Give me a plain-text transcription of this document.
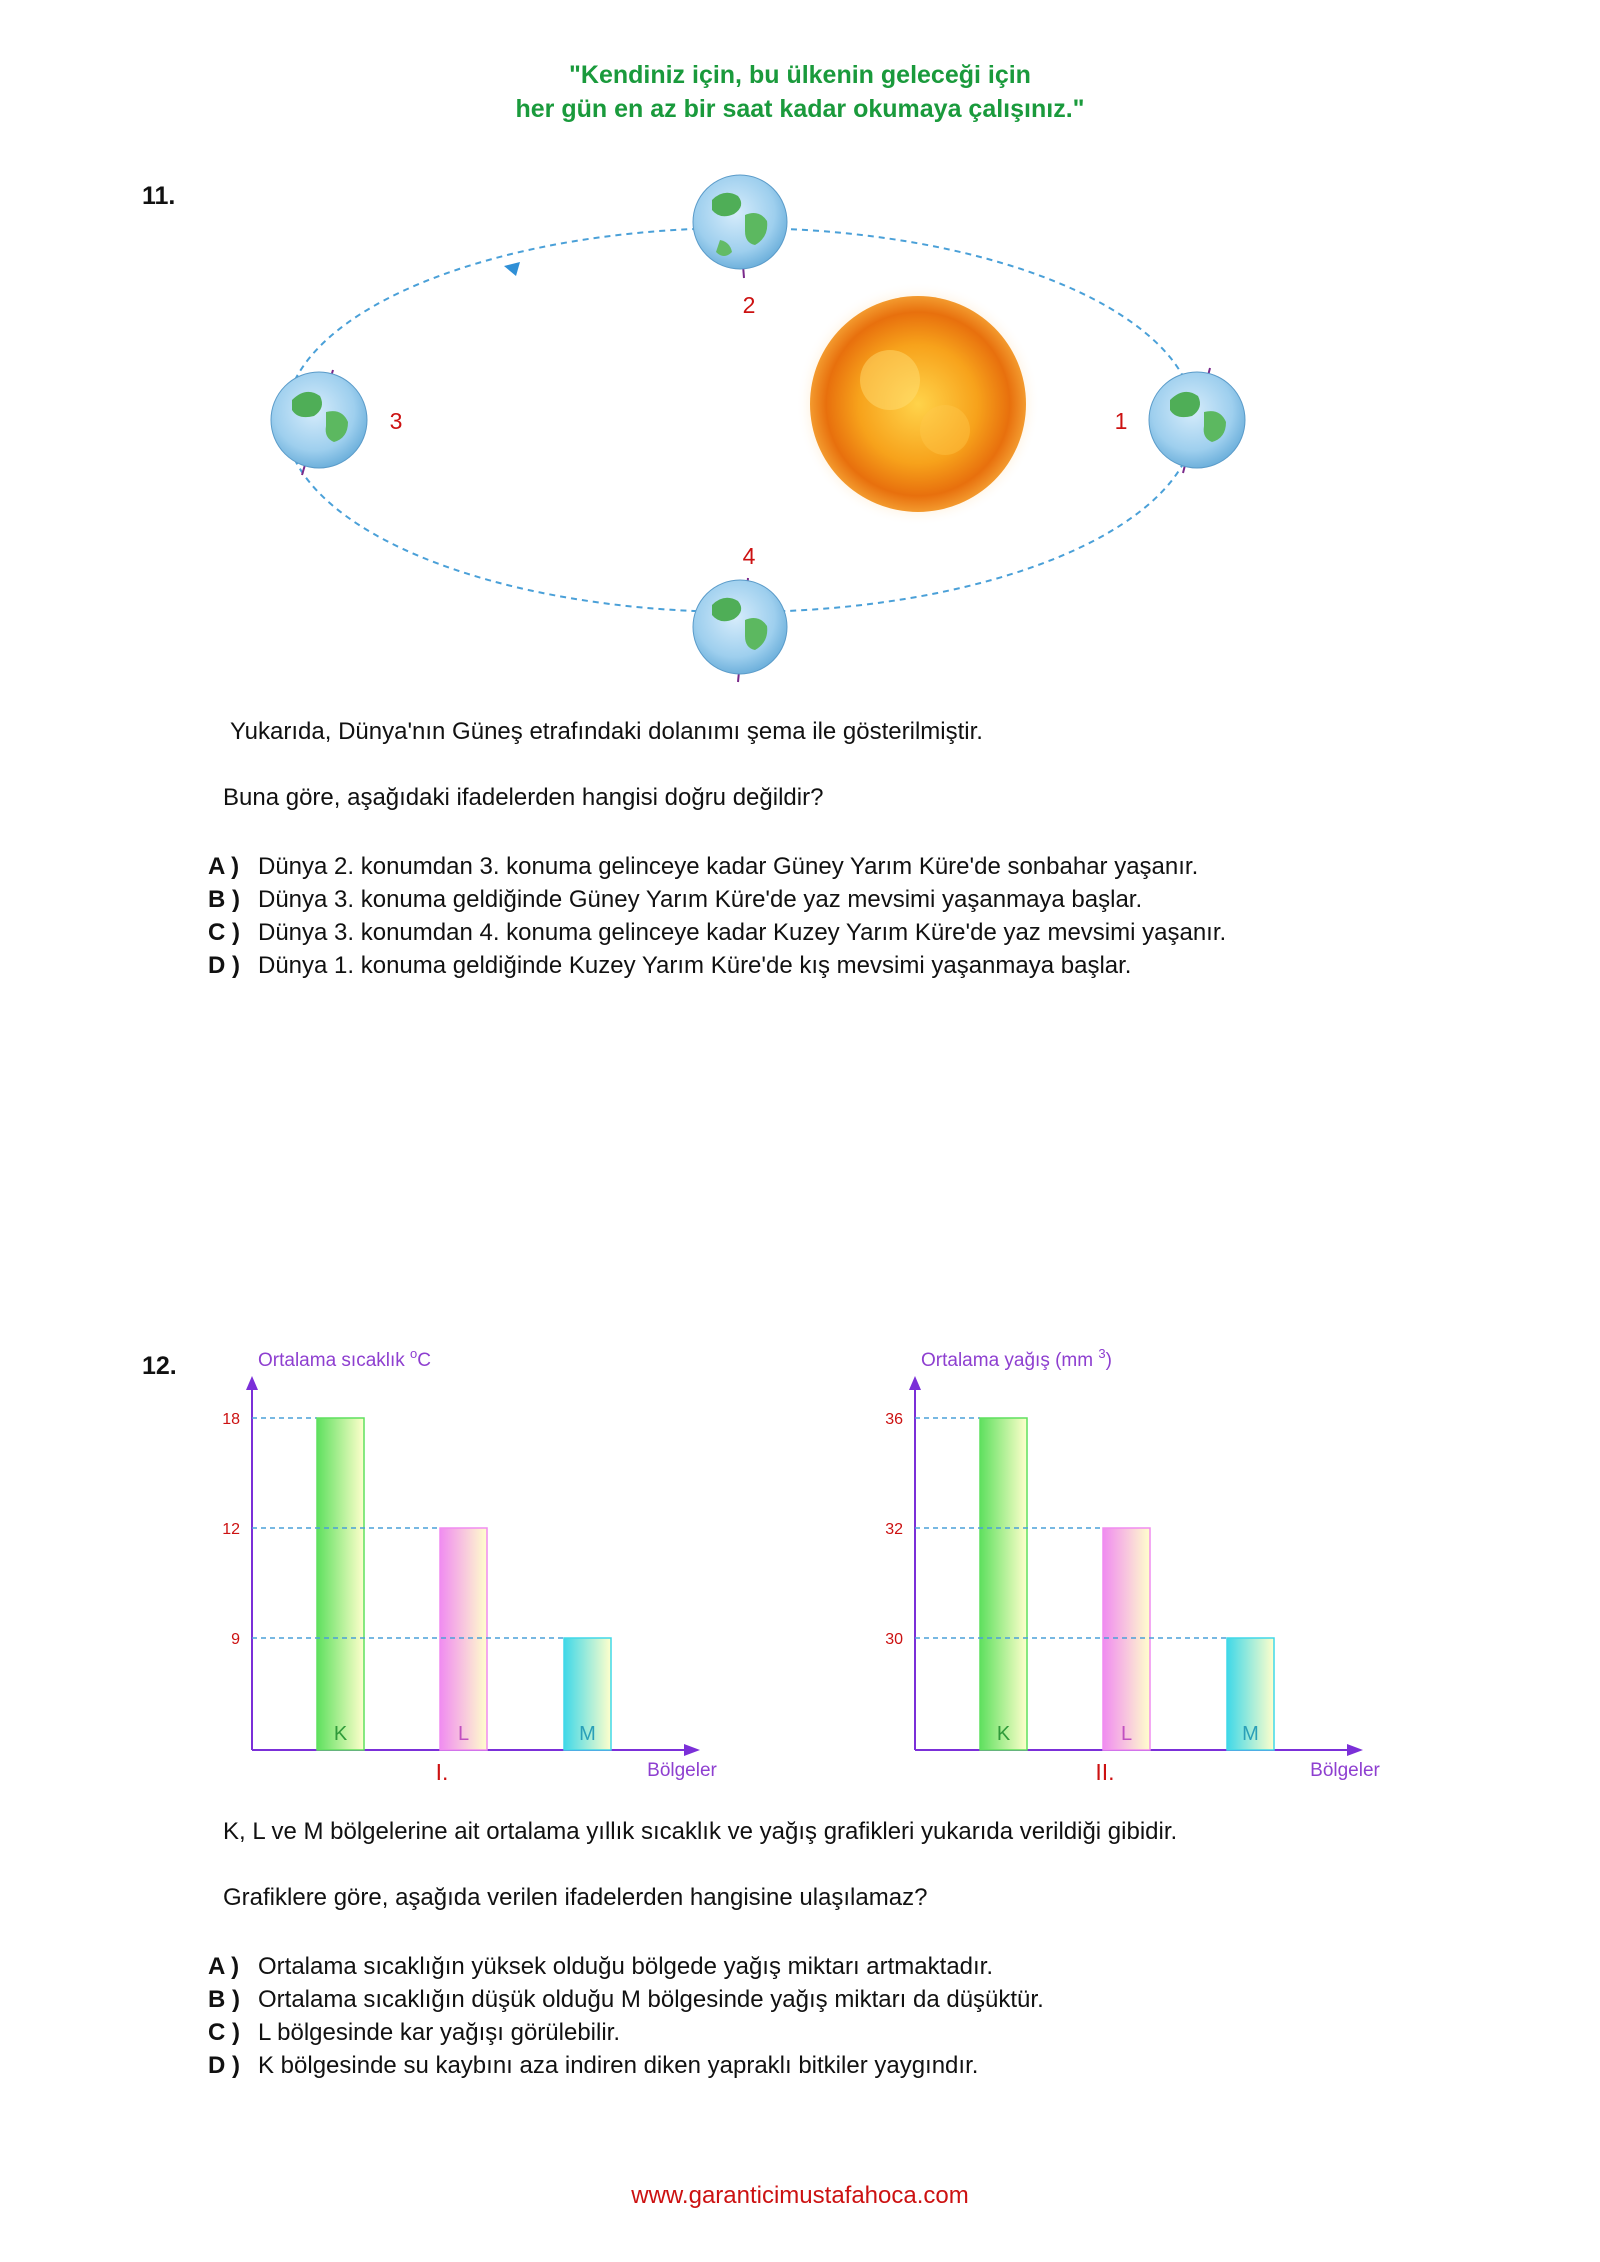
"Kendiniz için, bu ülkenin geleceği için
her gün en az bir saat kadar okumaya çalışınız."
11.
2
3	1
4
Yukarıda, Dünya'nın Güneş etrafındaki dolanımı şema ile gösterilmiştir.
Buna göre, aşağıdaki ifadelerden hangisi doğru değildir?
A ) Dünya 2. konumdan 3. konuma gelinceye kadar Güney Yarım Küre'de sonbahar yaşanır.
B ) Dünya 3. konuma geldiğinde Güney Yarım Küre'de yaz mevsimi yaşanmaya başlar.
C ) Dünya 3. konumdan 4. konuma gelinceye kadar Kuzey Yarım Küre'de yaz mevsimi yaşanır.
D ) Dünya 1. konuma geldiğinde Kuzey Yarım Küre'de kış mevsimi yaşanmaya başlar.
12.	Ortalama sıcaklık $^o$C
Bölgeler
I.
18
K
12
L
9
M
Ortalama yağış (mm $^3$)
Bölgeler
II.
36
K
32
L
30
M
K, L ve M bölgelerine ait ortalama yıllık sıcaklık ve yağış grafikleri yukarıda verildiği gibidir.
Grafiklere göre, aşağıda verilen ifadelerden hangisine ulaşılamaz?
A ) Ortalama sıcaklığın yüksek olduğu bölgede yağış miktarı artmaktadır.
B ) Ortalama sıcaklığın düşük olduğu M bölgesinde yağış miktarı da düşüktür.
C ) L bölgesinde kar yağışı görülebilir.
D ) K bölgesinde su kaybını aza indiren diken yapraklı bitkiler yaygındır.
www.garanticimustafahoca.com
